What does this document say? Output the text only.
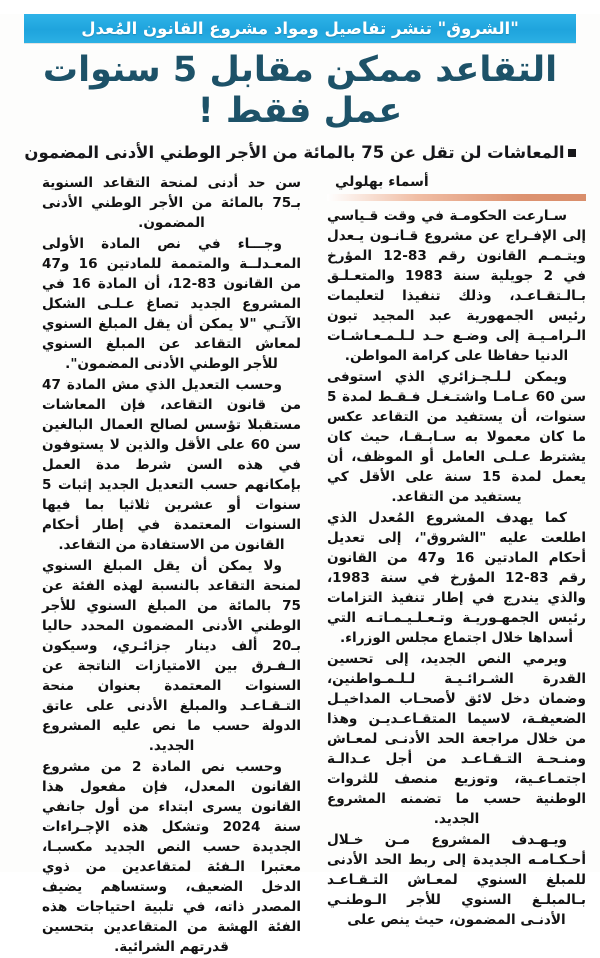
"الشروق" تنشر تفاصيل ومواد مشروع القانون المُعدل
التقاعد ممكن مقابل 5 سنوات عمل فقط !
المعاشات لن تقل عن 75 بالمائة من الأجر الوطني الأدنى المضمون
أسماء بهلولي

سـارعت الحكومـة في وقت قـياسي إلى الإفـراج عن مشروع قـانـون يـعدل ويتـمـم القانون رقم 83-12 المؤرخ في 2 جويلية سنة 1983 والمتعـلـق بـالـتقـاعـد، وذلك تنفيذا لتعليمات رئيس الجمهورية عبد المجيد تبون الـرامـيـة إلى وضـع حـد لـلـمـعـاشـات الدنيا حفاظا على كرامة المواطن.

ويمكن لـلـجـزائري الذي استوفى سن 60 عـامـا واشتـغـل فـقـط لمدة 5 سنوات، أن يستفيد من التقاعد عكس ما كان معمولا به سـابـقـا، حيث كان يشترط عـلـى العامل أو الموظف، أن يعمل لمدة 15 سنة على الأقل كي يستفيد من التقاعد.

كما يهدف المشروع المُعدل الذي اطلعت عليه "الشروق"، إلى تعديل أحكام المادتين 16 و47 من القانون رقم 83-12 المؤرخ في سنة 1983، والذي يندرج في إطار تنفيذ التزامات رئيس الجمهـوريـة وتـعـلـيـمـاتـه التي أسداها خلال اجتماع مجلس الوزراء.

ويرمي النص الجديد، إلى تحسين القدرة الشـرائـيـة لـلـمـواطنين، وضمان دخل لائق لأصحـاب المداخيـل الضعيفـة، لاسيما المتقـاعـديـن وهذا من خلال مراجعة الحد الأدنـى لمعـاش ومنـحـة التـقـاعـد من أجل عـدالـة اجتمـاعـية، وتوزيع منصف للثروات الوطنية حسب ما تضمنه المشروع الجديد.

ويـهـدف المشروع مـن خـلال أحـكـامـه الجديدة إلى ربط الحد الأدنى للمبلغ السنوي لمعـاش التـقـاعـد بـالمبلـغ السنوي للأجر الـوطنـي الأدنـى المضمون، حيث ينص على

سن حد أدنى لمنحة التقاعد السنوية بـ75 بالمائة من الأجر الوطني الأدنى المضمون.

وجـــاء في نص المادة الأولى المعـدلــة والمتممة للمادتين 16 و47 من القانون 83-12، أن المادة 16 في المشروع الجديد تصاغ عـلـى الشكل الآتـي "لا يمكن أن يقل المبلغ السنوي لمعاش التقاعد عن المبلغ السنوي للأجر الوطني الأدنى المضمون".

وحسب التعديل الذي مش المادة 47 من قانون التقاعد، فإن المعاشات مستقبلا تؤسس لصالح العمال البالغين سن 60 على الأقل والذين لا يستوفون في هذه السن شرط مدة العمل بإمكانهم حسب التعديل الجديد إثبات 5 سنوات أو عشرين ثلاثيا بما فيها السنوات المعتمدة في إطار أحكام القانون من الاستفادة من التقاعد.

ولا يمكن أن يقل المبلغ السنوي لمنحة التقاعد بالنسبة لهذه الفئة عن 75 بالمائة من المبلغ السنوي للأجر الوطني الأدنى المضمون المحدد حاليا بـ20 ألف دينار جزائـري، وسيكون الـفـرق بين الامتيازات الناتجة عن السنوات المعتمدة بعنوان منحة التـقـاعـد والمبلغ الأدنى على عاتق الدولة حسب ما نص عليه المشروع الجديد.

وحسب نص المادة 2 من مشروع القانون المعدل، فإن مفعول هذا القانون يسرى ابتداء من أول جانفي سنة 2024 وتشكل هذه الإجـراءات الجديدة حسب النص الجديد مكسبـا، معتبرا الـفئة لمتقاعدين من ذوي الدخل الضعيف، وستساهم يضيف المصدر ذاته، في تلبية احتياجات هذه الفئة الهشة من المتقاعدين بتحسين قدرتهم الشرائية.
